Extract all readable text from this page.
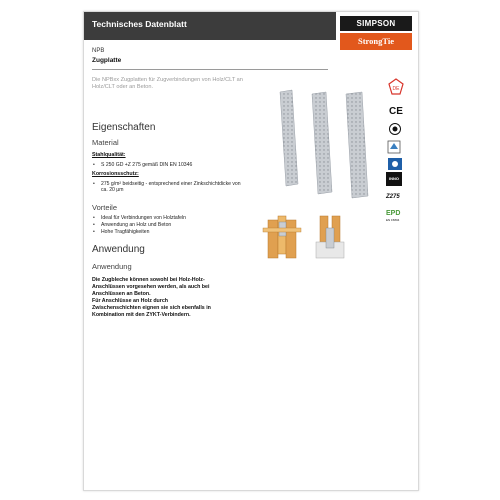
Technisches Datenblatt	SIMPSON
StrongTie
NPB
Zugplatte
Die NPBxx Zugplatten für Zugverbindungen von Holz/CLT an Holz/CLT oder an Beton.
Eigenschaften
Material
Stahlqualität:
• S 250 GD +Z 275 gemäß DIN EN 10346
Korrosionsschutz:
• 275 g/m² beidseitig - entsprechend einer Zinkschichtdicke von ca. 20 µm
Vorteile
• Ideal für Verbindungen von Holztafeln
• Anwendung an Holz und Beton
• Hohe Tragfähigkeiten
Anwendung
Anwendung
Die Zugbleche können sowohl bei Holz-Holz-
Anschlüssen vorgesehen werden, als auch bei
Anschlüssen an Beton.
Für Anschlüsse an Holz durch
Zwischenschichten eignen sie sich ebenfalls in
Kombination mit den ZYKT-Verbindern.
DE
CE
INNO
Z275
EPD
EN 15804
